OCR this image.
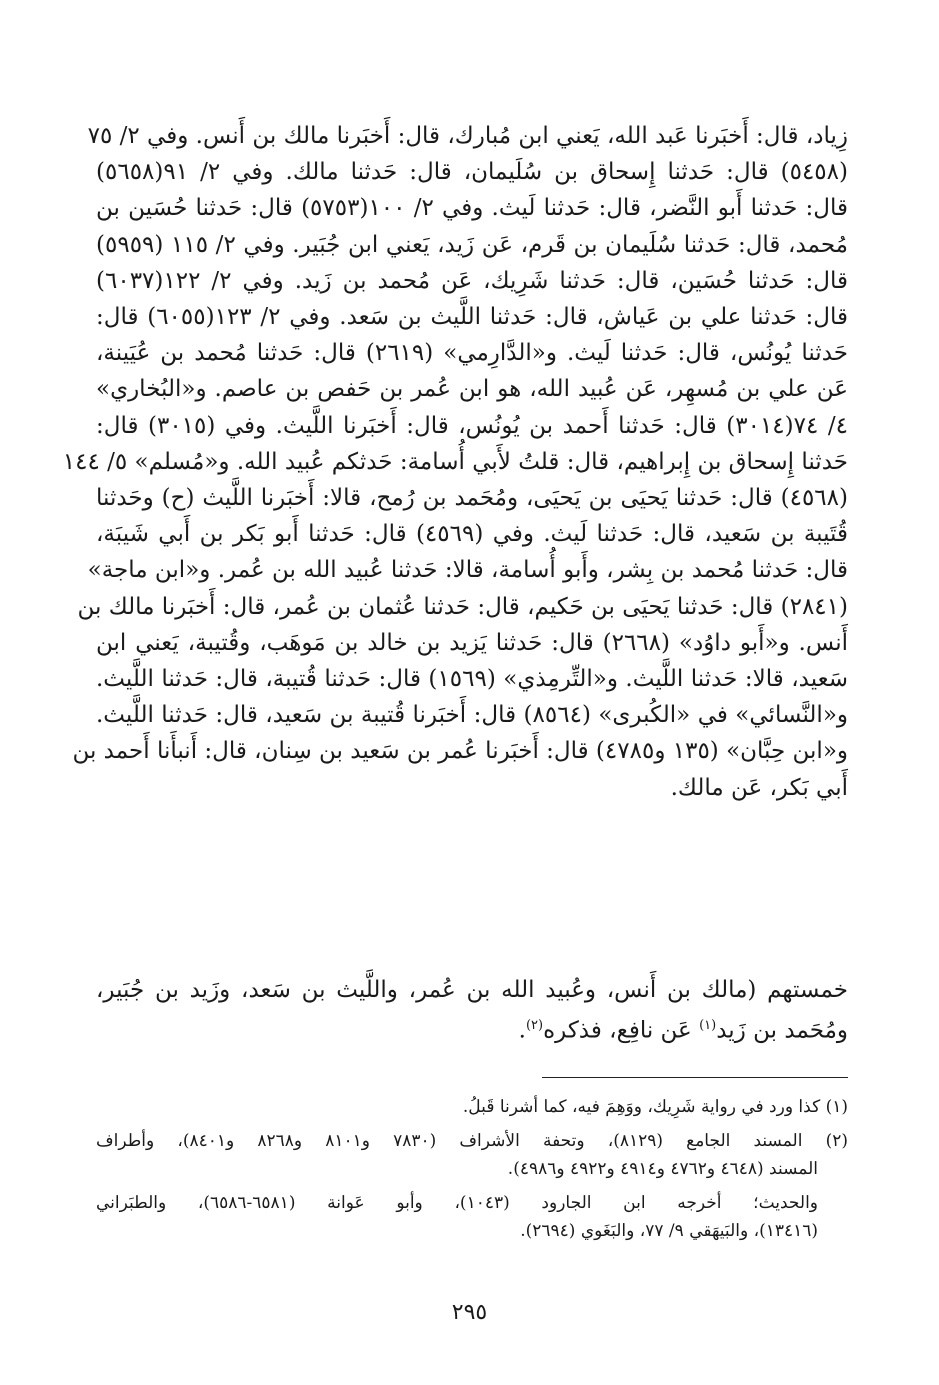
زِياد، قال: أَخبَرنا عَبد الله، يَعني ابن مُبارك، قال: أَخبَرنا مالك بن أَنس. وفي ٢/ ٧٥
(٥٤٥٨) قال: حَدثنا إِسحاق بن سُلَيمان، قال: حَدثنا مالك. وفي ٢/ ٩١(٥٦٥٨)
قال: حَدثنا أَبو النَّضر، قال: حَدثنا لَيث. وفي ٢/ ١٠٠(٥٧٥٣) قال: حَدثنا حُسَين بن
مُحمد، قال: حَدثنا سُلَيمان بن قَرم، عَن زَيد، يَعني ابن جُبَير. وفي ٢/ ١١٥ (٥٩٥٩)
قال: حَدثنا حُسَين، قال: حَدثنا شَرِيك، عَن مُحمد بن زَيد. وفي ٢/ ١٢٢(٦٠٣٧)
قال: حَدثنا علي بن عَياش، قال: حَدثنا اللَّيث بن سَعد. وفي ٢/ ١٢٣(٦٠٥٥) قال:
حَدثنا يُونُس، قال: حَدثنا لَيث. و«الدَّارِمي» (٢٦١٩) قال: حَدثنا مُحمد بن عُيَينة،
عَن علي بن مُسهِر، عَن عُبيد الله، هو ابن عُمر بن حَفص بن عاصم. و«البُخاري»
٤/ ٧٤(٣٠١٤) قال: حَدثنا أَحمد بن يُونُس، قال: أَخبَرنا اللَّيث. وفي (٣٠١٥) قال:
حَدثنا إِسحاق بن إِبراهيم، قال: قلتُ لأَبي أُسامة: حَدثكم عُبيد الله. و«مُسلم» ٥/ ١٤٤
(٤٥٦٨) قال: حَدثنا يَحيَى بن يَحيَى، ومُحَمد بن رُمح، قالا: أَخبَرنا اللَّيث (ح) وحَدثنا
قُتَيبة بن سَعيد، قال: حَدثنا لَيث. وفي (٤٥٦٩) قال: حَدثنا أَبو بَكر بن أَبي شَيبَة،
قال: حَدثنا مُحمد بن بِشر، وأَبو أُسامة، قالا: حَدثنا عُبيد الله بن عُمر. و«ابن ماجة»
(٢٨٤١) قال: حَدثنا يَحيَى بن حَكيم، قال: حَدثنا عُثمان بن عُمر، قال: أَخبَرنا مالك بن
أَنس. و«أَبو داوُد» (٢٦٦٨) قال: حَدثنا يَزيد بن خالد بن مَوهَب، وقُتيبة، يَعني ابن
سَعيد، قالا: حَدثنا اللَّيث. و«التِّرمِذي» (١٥٦٩) قال: حَدثنا قُتيبة، قال: حَدثنا اللَّيث.
و«النَّسائي» في «الكُبرى» (٨٥٦٤) قال: أَخبَرنا قُتيبة بن سَعيد، قال: حَدثنا اللَّيث.
و«ابن حِبَّان» (١٣٥ و٤٧٨٥) قال: أَخبَرنا عُمر بن سَعيد بن سِنان، قال: أَنبأَنا أَحمد بن
أَبي بَكر، عَن مالك.
خمستهم (مالك بن أَنس، وعُبيد الله بن عُمر، واللَّيث بن سَعد، وزَيد بن جُبَير،
ومُحَمد بن زَيد$^{(١)}$ عَن نافِع، فذكره$^{(٢)}$.

(١) كذا ورد في رواية شَرِيك، ووَهِمَ فيه، كما أشرنا قَبلُ.

(٢) المسند الجامع (٨١٢٩)، وتحفة الأشراف (٧٨٣٠ و٨١٠١ و٨٢٦٨ و٨٤٠١)، وأطراف
المسند (٤٦٤٨ و٤٧٦٢ و٤٩١٤ و٤٩٢٢ و٤٩٨٦).

والحديث؛ أخرجه ابن الجارود (١٠٤٣)، وأبو عَوانة (٦٥٨١-٦٥٨٦)، والطبَراني
(١٣٤١٦)، والبَيهَقي ٩/ ٧٧، والبَغَوي (٢٦٩٤).

٢٩٥
